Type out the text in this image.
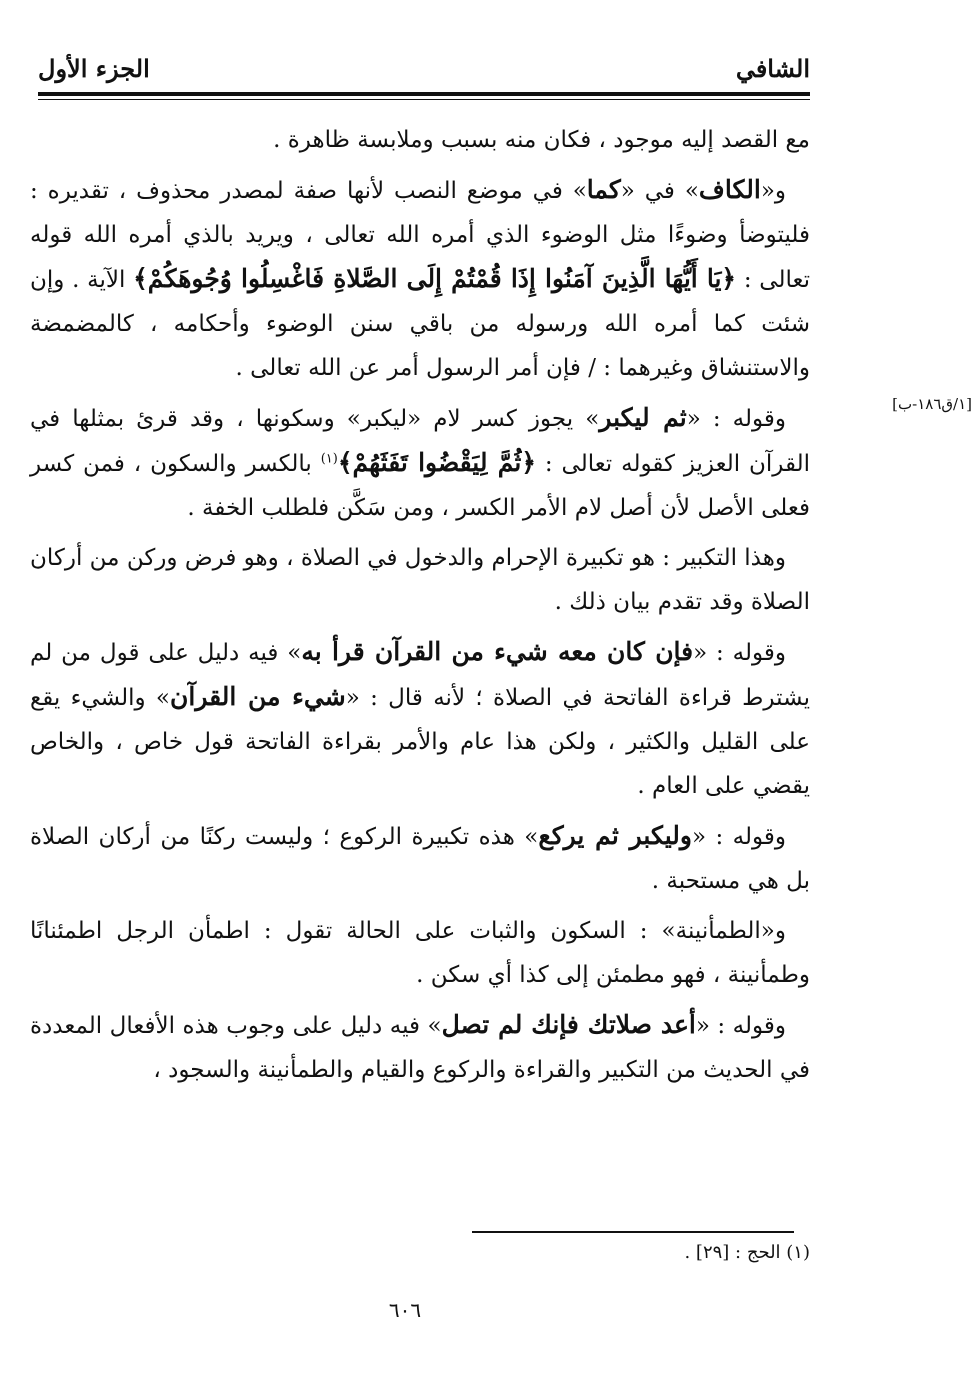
الشافي
الجزء الأول
[١/ق١٨٦-ب]

مع القصد إليه موجود ، فكان منه بسبب وملابسة ظاهرة .

و«الكاف» في «كما» في موضع النصب لأنها صفة لمصدر محذوف ، تقديره : فليتوضأ وضوءًا مثل الوضوء الذي أمره الله تعالى ، ويريد بالذي أمره الله قوله تعالى : ﴿يَا أَيُّهَا الَّذِينَ آمَنُوا إِذَا قُمْتُمْ إِلَى الصَّلاةِ فَاغْسِلُوا وُجُوهَكُمْ﴾ الآية . وإن شئت كما أمره الله ورسوله من باقي سنن الوضوء وأحكامه ، كالمضمضة والاستنشاق وغيرهما : / فإن أمر الرسول أمر عن الله تعالى .

وقوله : «ثم ليكبر» يجوز كسر لام «ليكبر» وسكونها ، وقد قرئ بمثلها في القرآن العزيز كقوله تعالى : ﴿ثُمَّ لِيَقْضُوا تَفَثَهُمْ﴾$^{(١)}$ بالكسر والسكون ، فمن كسر فعلى الأصل لأن أصل لام الأمر الكسر ، ومن سَكَّن فلطلب الخفة .

وهذا التكبير : هو تكبيرة الإحرام والدخول في الصلاة ، وهو فرض وركن من أركان الصلاة وقد تقدم بيان ذلك .

وقوله : «فإن كان معه شيء من القرآن قرأ به» فيه دليل على قول من لم يشترط قراءة الفاتحة في الصلاة ؛ لأنه قال : «شيء من القرآن» والشيء يقع على القليل والكثير ، ولكن هذا عام والأمر بقراءة الفاتحة قول خاص ، والخاص يقضي على العام .

وقوله : «وليكبر ثم يركع» هذه تكبيرة الركوع ؛ وليست ركنًا من أركان الصلاة بل هي مستحبة .

و«الطمأنينة» : السكون والثبات على الحالة تقول : اطمأن الرجل اطمئنانًا وطمأنينة ، فهو مطمئن إلى كذا أي سكن .

وقوله : «أعد صلاتك فإنك لم تصل» فيه دليل على وجوب هذه الأفعال المعددة في الحديث من التكبير والقراءة والركوع والقيام والطمأنينة والسجود ،

(١) الحج : [٢٩] .
٦٠٦
